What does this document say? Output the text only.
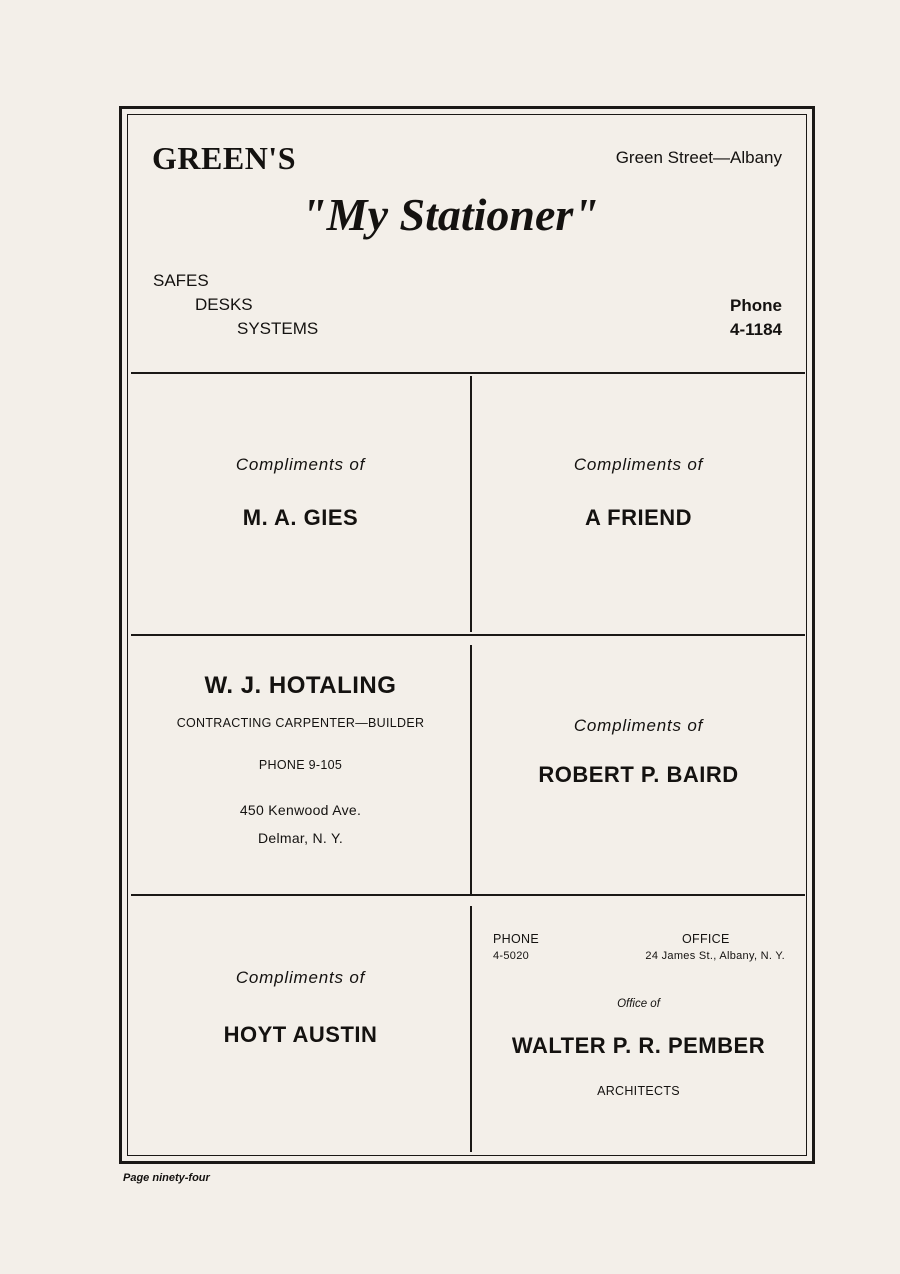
GREEN'S	Green Street—Albany
"My Stationer"
SAFES
DESKS
SYSTEMS
Phone
4-1184
Compliments of
M. A. GIES
Compliments of
A FRIEND
W. J. HOTALING
CONTRACTING CARPENTER—BUILDER
PHONE 9-105
450 Kenwood Ave.
Delmar, N. Y.
Compliments of
ROBERT P. BAIRD
Compliments of
HOYT AUSTIN
PHONE
4-5020
OFFICE
24 James St., Albany, N. Y.
Office of
WALTER P. R. PEMBER
ARCHITECTS
Page ninety-four
